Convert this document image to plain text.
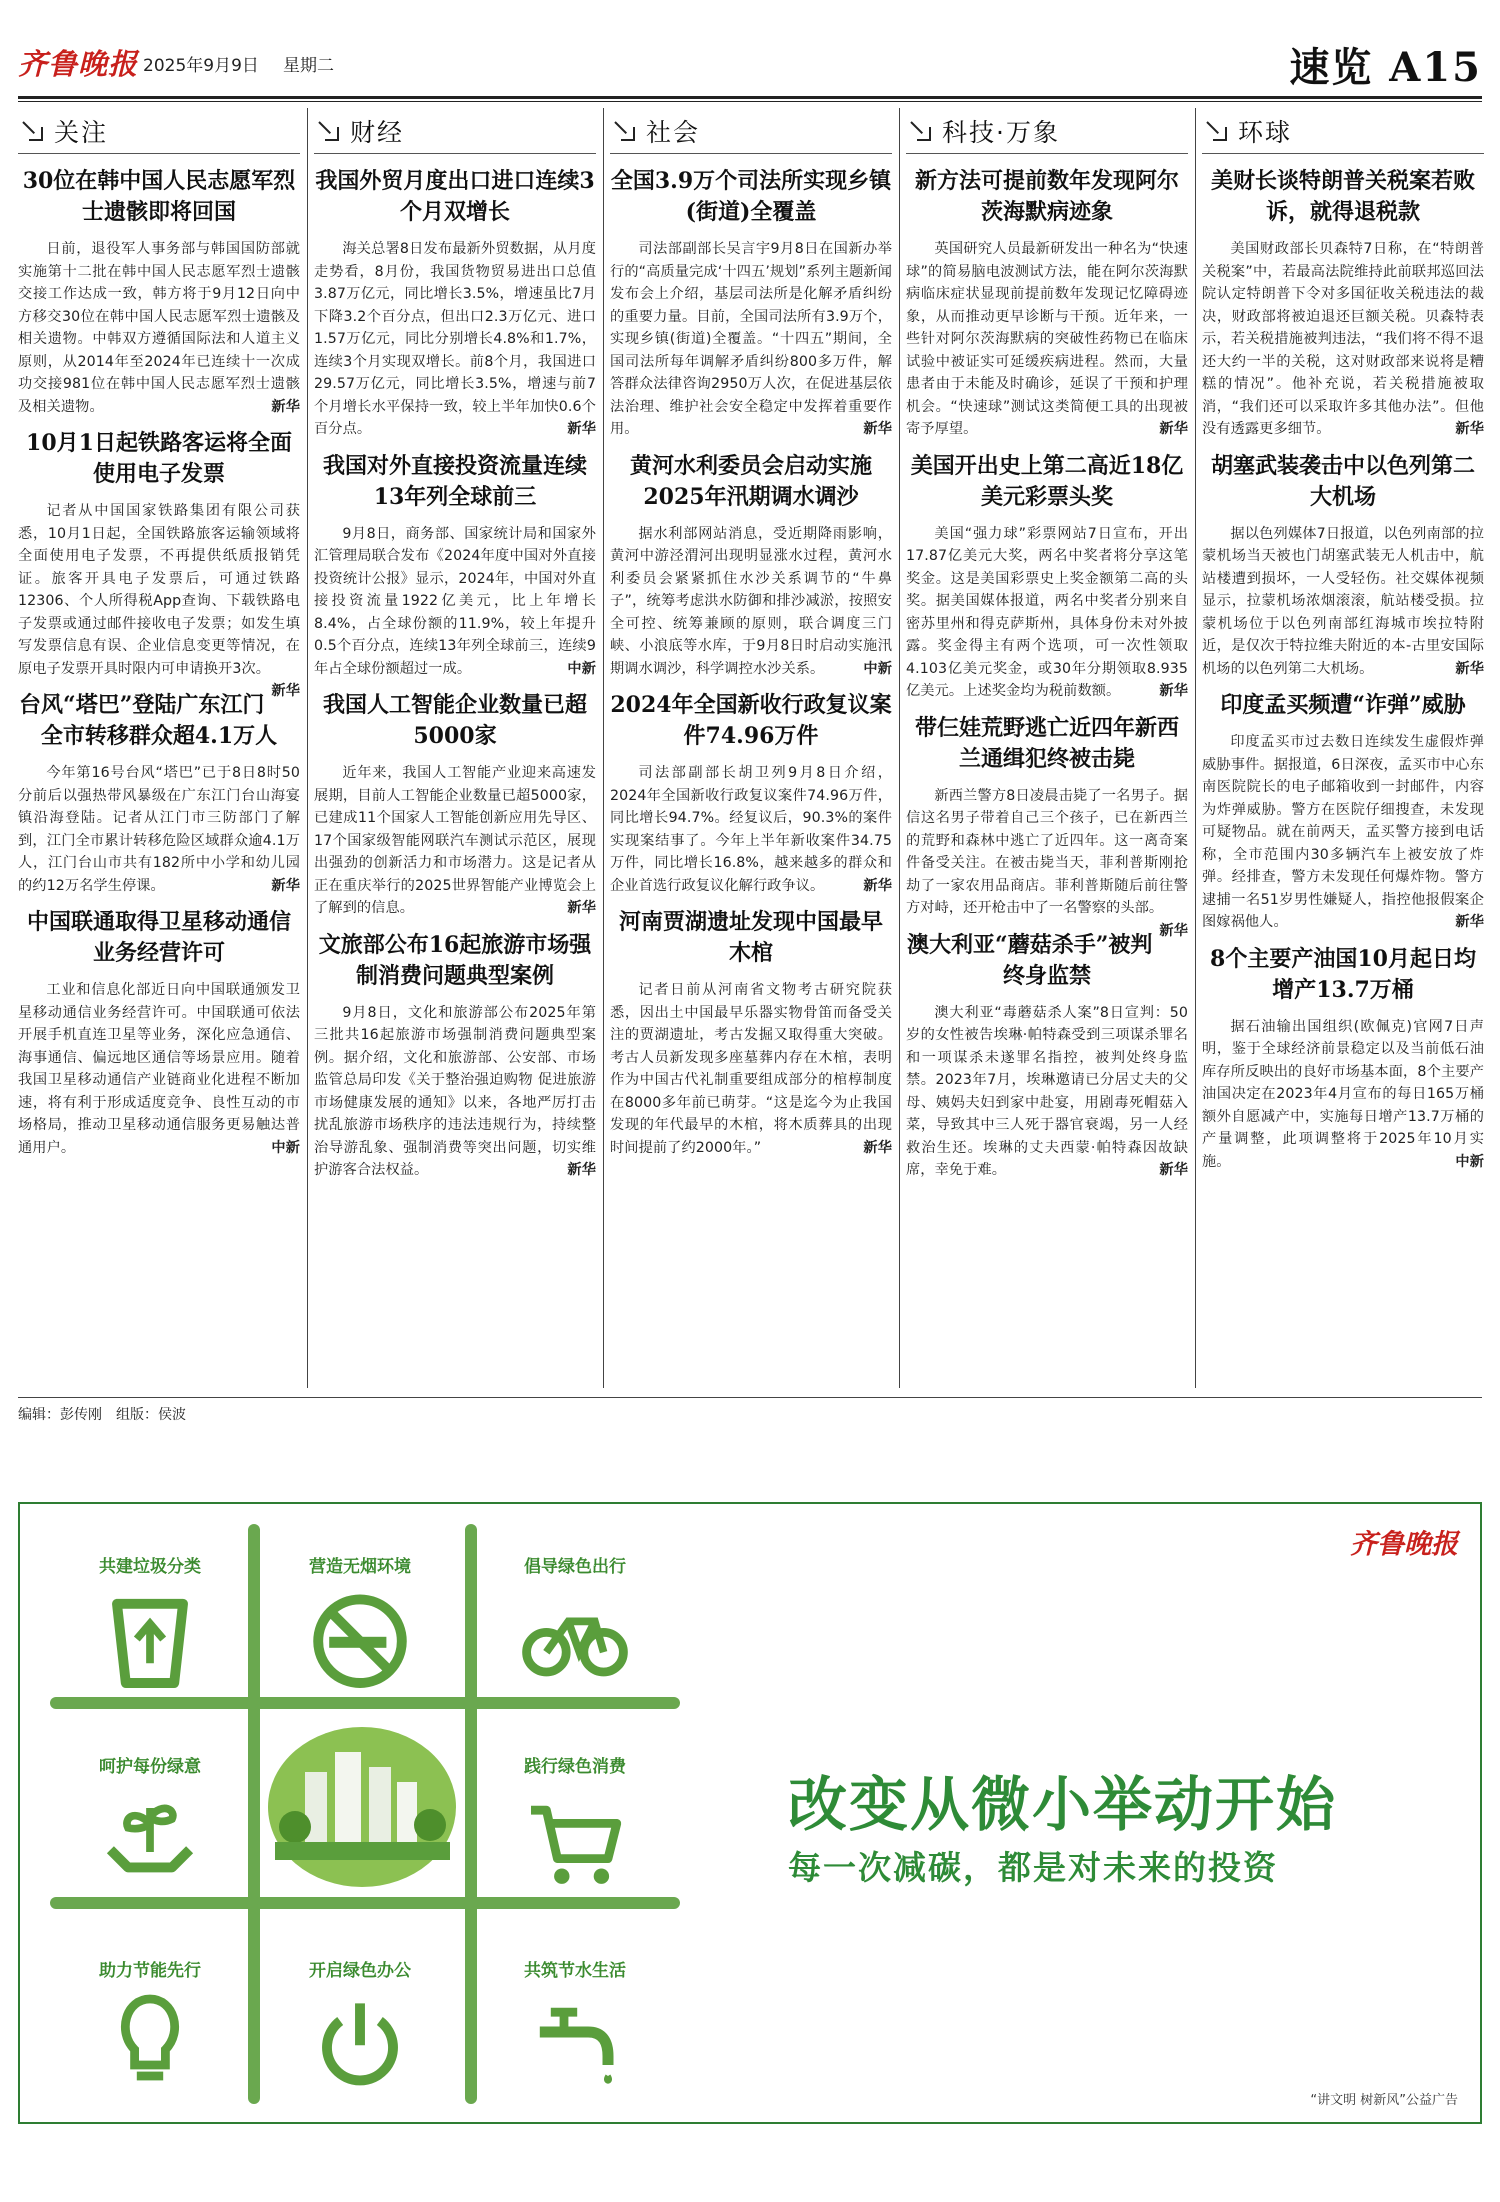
齐鲁晚报 2025年9月9日 星期二	速览 A15
关注
30位在韩中国人民志愿军烈士遗骸即将回国
日前，退役军人事务部与韩国国防部就实施第十二批在韩中国人民志愿军烈士遗骸交接工作达成一致，韩方将于9月12日向中方移交30位在韩中国人民志愿军烈士遗骸及相关遗物。中韩双方遵循国际法和人道主义原则，从2014年至2024年已连续十一次成功交接981位在韩中国人民志愿军烈士遗骸及相关遗物。	新华
10月1日起铁路客运将全面使用电子发票
记者从中国国家铁路集团有限公司获悉，10月1日起，全国铁路旅客运输领域将全面使用电子发票，不再提供纸质报销凭证。旅客开具电子发票后，可通过铁路12306、个人所得税App查询、下载铁路电子发票或通过邮件接收电子发票；如发生填写发票信息有误、企业信息变更等情况，在原电子发票开具时限内可申请换开3次。
新华
台风“塔巴”登陆广东江门全市转移群众超4.1万人
今年第16号台风“塔巴”已于8日8时50分前后以强热带风暴级在广东江门台山海宴镇沿海登陆。记者从江门市三防部门了解到，江门全市累计转移危险区域群众逾4.1万人，江门台山市共有182所中小学和幼儿园的约12万名学生停课。	新华
中国联通取得卫星移动通信业务经营许可
工业和信息化部近日向中国联通颁发卫星移动通信业务经营许可。中国联通可依法开展手机直连卫星等业务，深化应急通信、海事通信、偏远地区通信等场景应用。随着我国卫星移动通信产业链商业化进程不断加速，将有利于形成适度竞争、良性互动的市场格局，推动卫星移动通信服务更易触达普通用户。	中新
财经
我国外贸月度出口进口连续3个月双增长
海关总署8日发布最新外贸数据，从月度走势看，8月份，我国货物贸易进出口总值3.87万亿元，同比增长3.5%，增速虽比7月下降3.2个百分点，但出口2.3万亿元、进口1.57万亿元，同比分别增长4.8%和1.7%，连续3个月实现双增长。前8个月，我国进口29.57万亿元，同比增长3.5%，增速与前7个月增长水平保持一致，较上半年加快0.6个百分点。	新华
我国对外直接投资流量连续13年列全球前三
9月8日，商务部、国家统计局和国家外汇管理局联合发布《2024年度中国对外直接投资统计公报》显示，2024年，中国对外直接投资流量1922亿美元，比上年增长8.4%，占全球份额的11.9%，较上年提升0.5个百分点，连续13年列全球前三，连续9年占全球份额超过一成。	中新
我国人工智能企业数量已超5000家
近年来，我国人工智能产业迎来高速发展期，目前人工智能企业数量已超5000家，已建成11个国家人工智能创新应用先导区、17个国家级智能网联汽车测试示范区，展现出强劲的创新活力和市场潜力。这是记者从正在重庆举行的2025世界智能产业博览会上了解到的信息。	新华
文旅部公布16起旅游市场强制消费问题典型案例
9月8日，文化和旅游部公布2025年第三批共16起旅游市场强制消费问题典型案例。据介绍，文化和旅游部、公安部、市场监管总局印发《关于整治强迫购物 促进旅游市场健康发展的通知》以来，各地严厉打击扰乱旅游市场秩序的违法违规行为，持续整治导游乱象、强制消费等突出问题，切实维护游客合法权益。	新华
社会
全国3.9万个司法所实现乡镇(街道)全覆盖
司法部副部长吴言宇9月8日在国新办举行的“高质量完成‘十四五’规划”系列主题新闻发布会上介绍，基层司法所是化解矛盾纠纷的重要力量。目前，全国司法所有3.9万个，实现乡镇(街道)全覆盖。“十四五”期间，全国司法所每年调解矛盾纠纷800多万件，解答群众法律咨询2950万人次，在促进基层依法治理、维护社会安全稳定中发挥着重要作用。	新华
黄河水利委员会启动实施2025年汛期调水调沙
据水利部网站消息，受近期降雨影响，黄河中游泾渭河出现明显涨水过程，黄河水利委员会紧紧抓住水沙关系调节的“牛鼻子”，统筹考虑洪水防御和排沙减淤，按照安全可控、统筹兼顾的原则，联合调度三门峡、小浪底等水库，于9月8日时启动实施汛期调水调沙，科学调控水沙关系。	中新
2024年全国新收行政复议案件74.96万件
司法部副部长胡卫列9月8日介绍，2024年全国新收行政复议案件74.96万件，同比增长94.7%。经复议后，90.3%的案件实现案结事了。今年上半年新收案件34.75万件，同比增长16.8%，越来越多的群众和企业首选行政复议化解行政争议。	新华
河南贾湖遗址发现中国最早木棺
记者日前从河南省文物考古研究院获悉，因出土中国最早乐器实物骨笛而备受关注的贾湖遗址，考古发掘又取得重大突破。考古人员新发现多座墓葬内存在木棺，表明作为中国古代礼制重要组成部分的棺椁制度在8000多年前已萌芽。“这是迄今为止我国发现的年代最早的木棺，将木质葬具的出现时间提前了约2000年。”	新华
科技·万象
新方法可提前数年发现阿尔茨海默病迹象
英国研究人员最新研发出一种名为“快速球”的简易脑电波测试方法，能在阿尔茨海默病临床症状显现前提前数年发现记忆障碍迹象，从而推动更早诊断与干预。近年来，一些针对阿尔茨海默病的突破性药物已在临床试验中被证实可延缓疾病进程。然而，大量患者由于未能及时确诊，延误了干预和护理机会。“快速球”测试这类简便工具的出现被寄予厚望。	新华
美国开出史上第二高近18亿美元彩票头奖
美国“强力球”彩票网站7日宣布，开出17.87亿美元大奖，两名中奖者将分享这笔奖金。这是美国彩票史上奖金额第二高的头奖。据美国媒体报道，两名中奖者分别来自密苏里州和得克萨斯州，具体身份未对外披露。奖金得主有两个选项，可一次性领取4.103亿美元奖金，或30年分期领取8.935亿美元。上述奖金均为税前数额。	新华
带仨娃荒野逃亡近四年新西兰通缉犯终被击毙
新西兰警方8日凌晨击毙了一名男子。据信这名男子带着自己三个孩子，已在新西兰的荒野和森林中逃亡了近四年。这一离奇案件备受关注。在被击毙当天，菲利普斯刚抢劫了一家农用品商店。菲利普斯随后前往警方对峙，还开枪击中了一名警察的头部。
新华
澳大利亚“蘑菇杀手”被判终身监禁
澳大利亚“毒蘑菇杀人案”8日宣判：50岁的女性被告埃琳·帕特森受到三项谋杀罪名和一项谋杀未遂罪名指控，被判处终身监禁。2023年7月，埃琳邀请已分居丈夫的父母、姨妈夫妇到家中赴宴，用剧毒死帽菇入菜，导致其中三人死于器官衰竭，另一人经救治生还。埃琳的丈夫西蒙·帕特森因故缺席，幸免于难。	新华
环球
美财长谈特朗普关税案若败诉，就得退税款
美国财政部长贝森特7日称，在“特朗普关税案”中，若最高法院维持此前联邦巡回法院认定特朗普下令对多国征收关税违法的裁决，财政部将被迫退还巨额关税。贝森特表示，若关税措施被判违法，“我们将不得不退还大约一半的关税，这对财政部来说将是糟糕的情况”。他补充说，若关税措施被取消，“我们还可以采取许多其他办法”。但他没有透露更多细节。	新华
胡塞武装袭击中以色列第二大机场
据以色列媒体7日报道，以色列南部的拉蒙机场当天被也门胡塞武装无人机击中，航站楼遭到损坏，一人受轻伤。社交媒体视频显示，拉蒙机场浓烟滚滚，航站楼受损。拉蒙机场位于以色列南部红海城市埃拉特附近，是仅次于特拉维夫附近的本-古里安国际机场的以色列第二大机场。	新华
印度孟买频遭“诈弹”威胁
印度孟买市过去数日连续发生虚假炸弹威胁事件。据报道，6日深夜，孟买市中心东南医院院长的电子邮箱收到一封邮件，内容为炸弹威胁。警方在医院仔细搜查，未发现可疑物品。就在前两天，孟买警方接到电话称，全市范围内30多辆汽车上被安放了炸弹。经排查，警方未发现任何爆炸物。警方逮捕一名51岁男性嫌疑人，指控他报假案企图嫁祸他人。	新华
8个主要产油国10月起日均增产13.7万桶
据石油输出国组织(欧佩克)官网7日声明，鉴于全球经济前景稳定以及当前低石油库存所反映出的良好市场基本面，8个主要产油国决定在2023年4月宣布的每日165万桶额外自愿减产中，实施每日增产13.7万桶的产量调整，此项调整将于2025年10月实施。	中新
编辑：彭传刚　组版：侯波
齐鲁晚报
共建垃圾分类	营造无烟环境	倡导绿色出行
呵护每份绿意	践行绿色消费
助力节能先行	开启绿色办公	共筑节水生活
改变从微小举动开始
每一次减碳，都是对未来的投资
“讲文明 树新风”公益广告
